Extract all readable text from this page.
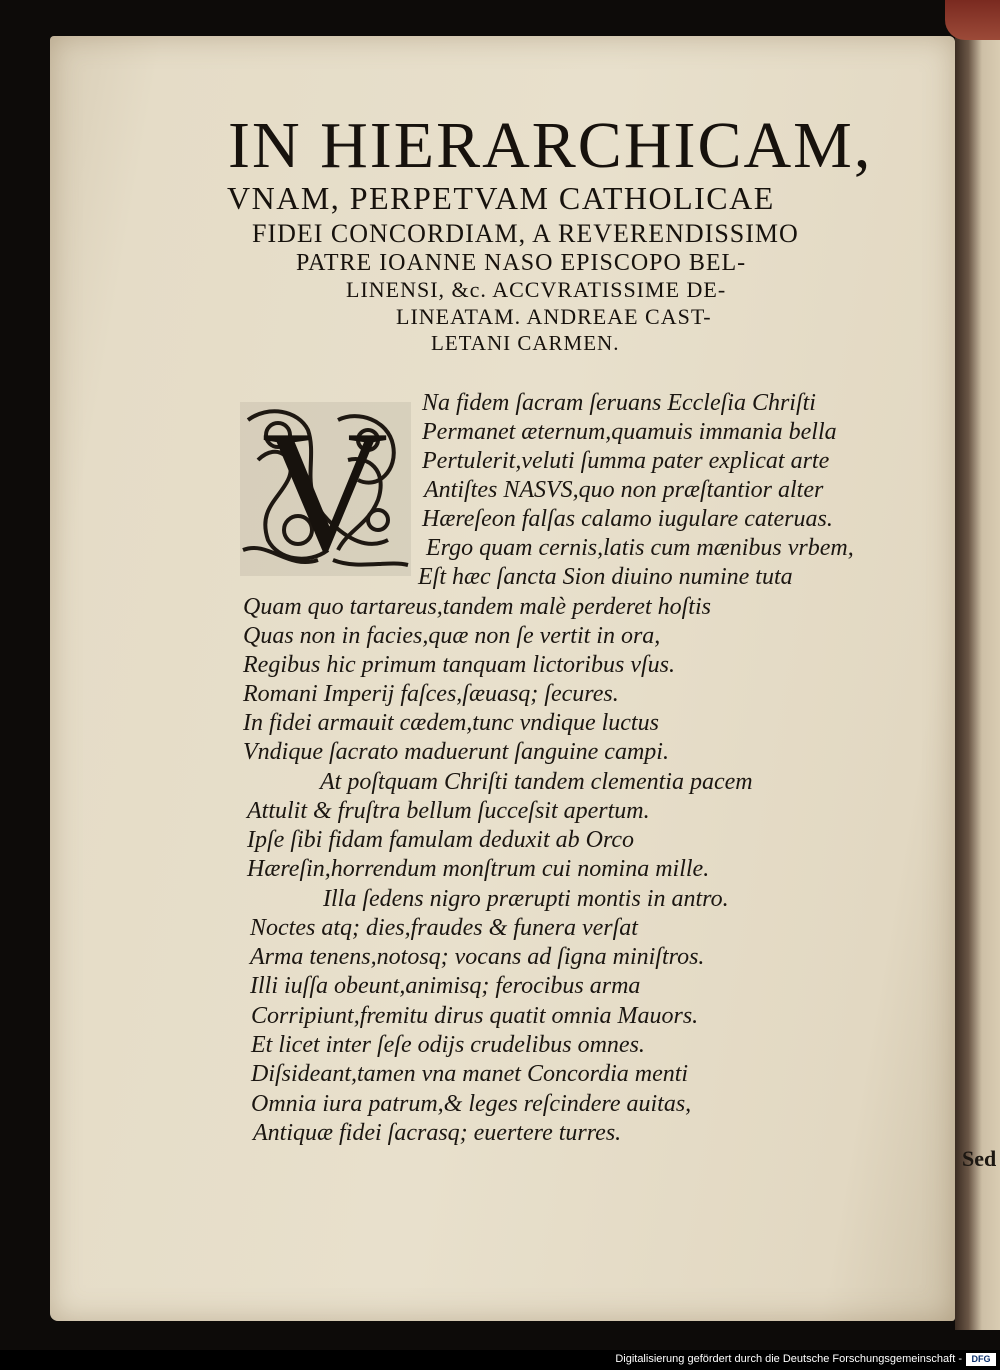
IN HIERARCHICAM,
VNAM, PERPETVAM CATHOLICAE
FIDEI CONCORDIAM, A REVERENDISSIMO
PATRE IOANNE NASO EPISCOPO BEL-
LINENSI, &c. ACCVRATISSIME DE-
LINEATAM. ANDREAE CAST-
LETANI CARMEN.
V Na fidem ſacram ſeruans Eccleſia Chriſti
Permanet æternum,quamuis immania bella
Pertulerit,veluti ſumma pater explicat arte
Antiſtes NASVS,quo non præſtantior alter
Hæreſeon falſas calamo iugulare cateruas.
Ergo quam cernis,latis cum mænibus vrbem,
Eſt hæc ſancta Sion diuino numine tuta
Quam quo tartareus,tandem malè perderet hoſtis
Quas non in facies,quæ non ſe vertit in ora,
Regibus hic primum tanquam lictoribus vſus.
Romani Imperij faſces,ſæuasq; ſecures.
In fidei armauit cædem,tunc vndique luctus
Vndique ſacrato maduerunt ſanguine campi.
At poſtquam Chriſti tandem clementia pacem
Attulit & fruſtra bellum ſucceſsit apertum.
Ipſe ſibi fidam famulam deduxit ab Orco
Hæreſin,horrendum monſtrum cui nomina mille.
Illa ſedens nigro prærupti montis in antro.
Noctes atq; dies,fraudes & funera verſat
Arma tenens,notosq; vocans ad ſigna miniſtros.
Illi iuſſa obeunt,animisq; ferocibus arma
Corripiunt,fremitu dirus quatit omnia Mauors.
Et licet inter ſeſe odijs crudelibus omnes.
Diſsideant,tamen vna manet Concordia menti
Omnia iura patrum,& leges reſcindere auitas,
Antiquæ fidei ſacrasq; euertere turres.
Sed
Digitalisierung gefördert durch die Deutsche Forschungsgemeinschaft -	DFG
